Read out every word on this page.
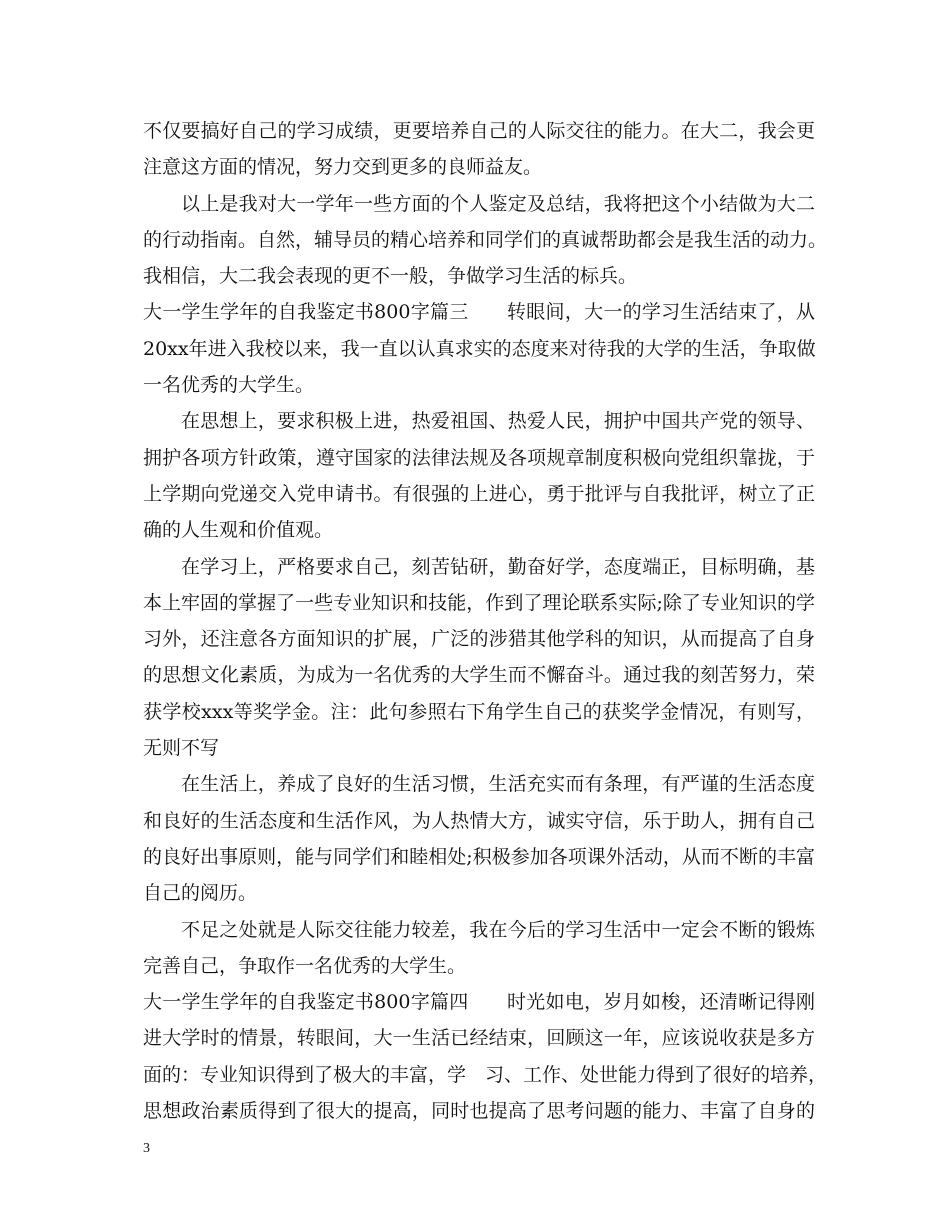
不仅要搞好自己的学习成绩，更要培养自己的人际交往的能力。在大二，我会更
注意这方面的情况，努力交到更多的良师益友。
以上是我对大一学年一些方面的个人鉴定及总结，我将把这个小结做为大二
的行动指南。自然，辅导员的精心培养和同学们的真诚帮助都会是我生活的动力。
我相信，大二我会表现的更不一般，争做学习生活的标兵。
大一学生学年的自我鉴定书800字篇三　　转眼间，大一的学习生活结束了，从
20xx年进入我校以来，我一直以认真求实的态度来对待我的大学的生活，争取做
一名优秀的大学生。
在思想上，要求积极上进，热爱祖国、热爱人民，拥护中国共产党的领导、
拥护各项方针政策，遵守国家的法律法规及各项规章制度积极向党组织靠拢，于
上学期向党递交入党申请书。有很强的上进心，勇于批评与自我批评，树立了正
确的人生观和价值观。
在学习上，严格要求自己，刻苦钻研，勤奋好学，态度端正，目标明确，基
本上牢固的掌握了一些专业知识和技能，作到了理论联系实际;除了专业知识的学
习外，还注意各方面知识的扩展，广泛的涉猎其他学科的知识，从而提高了自身
的思想文化素质，为成为一名优秀的大学生而不懈奋斗。通过我的刻苦努力，荣
获学校xxx等奖学金。注：此句参照右下角学生自己的获奖学金情况，有则写，
无则不写
在生活上，养成了良好的生活习惯，生活充实而有条理，有严谨的生活态度
和良好的生活态度和生活作风，为人热情大方，诚实守信，乐于助人，拥有自己
的良好出事原则，能与同学们和睦相处;积极参加各项课外活动，从而不断的丰富
自己的阅历。
不足之处就是人际交往能力较差，我在今后的学习生活中一定会不断的锻炼
完善自己，争取作一名优秀的大学生。
大一学生学年的自我鉴定书800字篇四　　时光如电，岁月如梭，还清晰记得刚
进大学时的情景，转眼间，大一生活已经结束，回顾这一年，应该说收获是多方
面的：专业知识得到了极大的丰富，学　习、工作、处世能力得到了很好的培养，
思想政治素质得到了很大的提高，同时也提高了思考问题的能力、丰富了自身的
3
